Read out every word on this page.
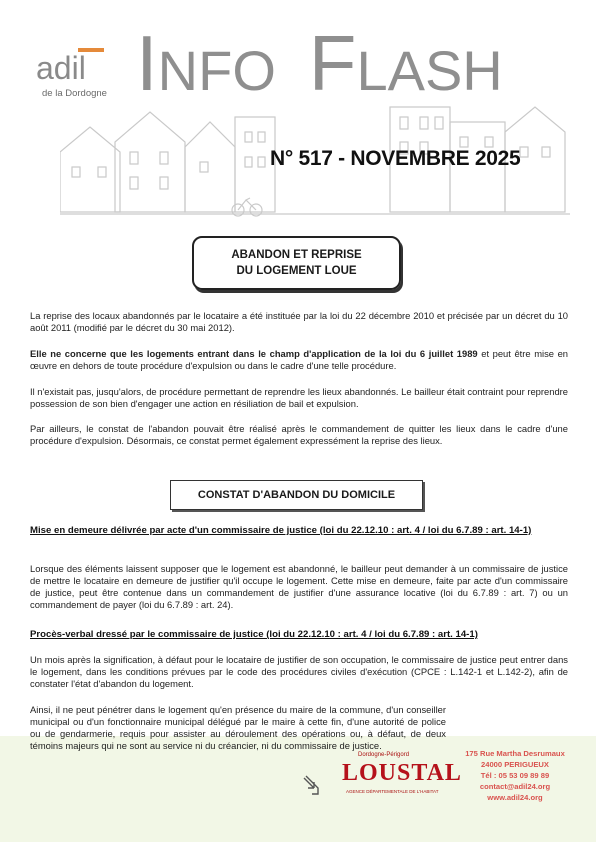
adil
de la Dordogne INFO FLASH
N° 517 - NOVEMBRE 2025
ABANDON ET REPRISE
DU LOGEMENT LOUE

La reprise des locaux abandonnés par le locataire a été instituée par la loi du 22 décembre 2010 et précisée par un décret du 10 août 2011 (modifié par le décret du 30 mai 2012).

Elle ne concerne que les logements entrant dans le champ d'application de la loi du 6 juillet 1989 et peut être mise en œuvre en dehors de toute procédure d'expulsion ou dans le cadre d'une telle procédure.

Il n'existait pas, jusqu'alors, de procédure permettant de reprendre les lieux abandonnés. Le bailleur était contraint pour reprendre possession de son bien d'engager une action en résiliation de bail et expulsion.

Par ailleurs, le constat de l'abandon pouvait être réalisé après le commandement de quitter les lieux dans le cadre d'une procédure d'expulsion. Désormais, ce constat permet également expressément la reprise des lieux.

CONSTAT D'ABANDON DU DOMICILE
Mise en demeure délivrée par acte d'un commissaire de justice (loi du 22.12.10 : art. 4 / loi du 6.7.89 : art. 14-1)

Lorsque des éléments laissent supposer que le logement est abandonné, le bailleur peut demander à un commissaire de justice de mettre le locataire en demeure de justifier qu'il occupe le logement. Cette mise en demeure, faite par acte d'un commissaire de justice, peut être contenue dans un commandement de justifier d'une assurance locative (loi du 6.7.89 : art. 7) ou un commandement de payer (loi du 6.7.89 : art. 24).

Procès-verbal dressé par le commissaire de justice (loi du 22.12.10 : art. 4 / loi du 6.7.89 : art. 14-1)

Un mois après la signification, à défaut pour le locataire de justifier de son occupation, le commissaire de justice peut entrer dans le logement, dans les conditions prévues par le code des procédures civiles d'exécution (CPCE : L.142-1 et L.142-2), afin de constater l'état d'abandon du logement.

Ainsi, il ne peut pénétrer dans le logement qu'en présence du maire de la commune, d'un conseiller municipal ou d'un fonctionnaire municipal délégué par le maire à cette fin, d'une autorité de police ou de gendarmerie, requis pour assister au déroulement des opérations ou, à défaut, de deux témoins majeurs qui ne sont au service ni du créancier, ni du commissaire de justice.

Dordogne-Périgord
LOUSTAL
AGENCE DÉPARTEMENTALE DE L'HABITAT
175 Rue Martha Desrumaux
24000 PERIGUEUX
Tél : 05 53 09 89 89
contact@adil24.org
www.adil24.org
